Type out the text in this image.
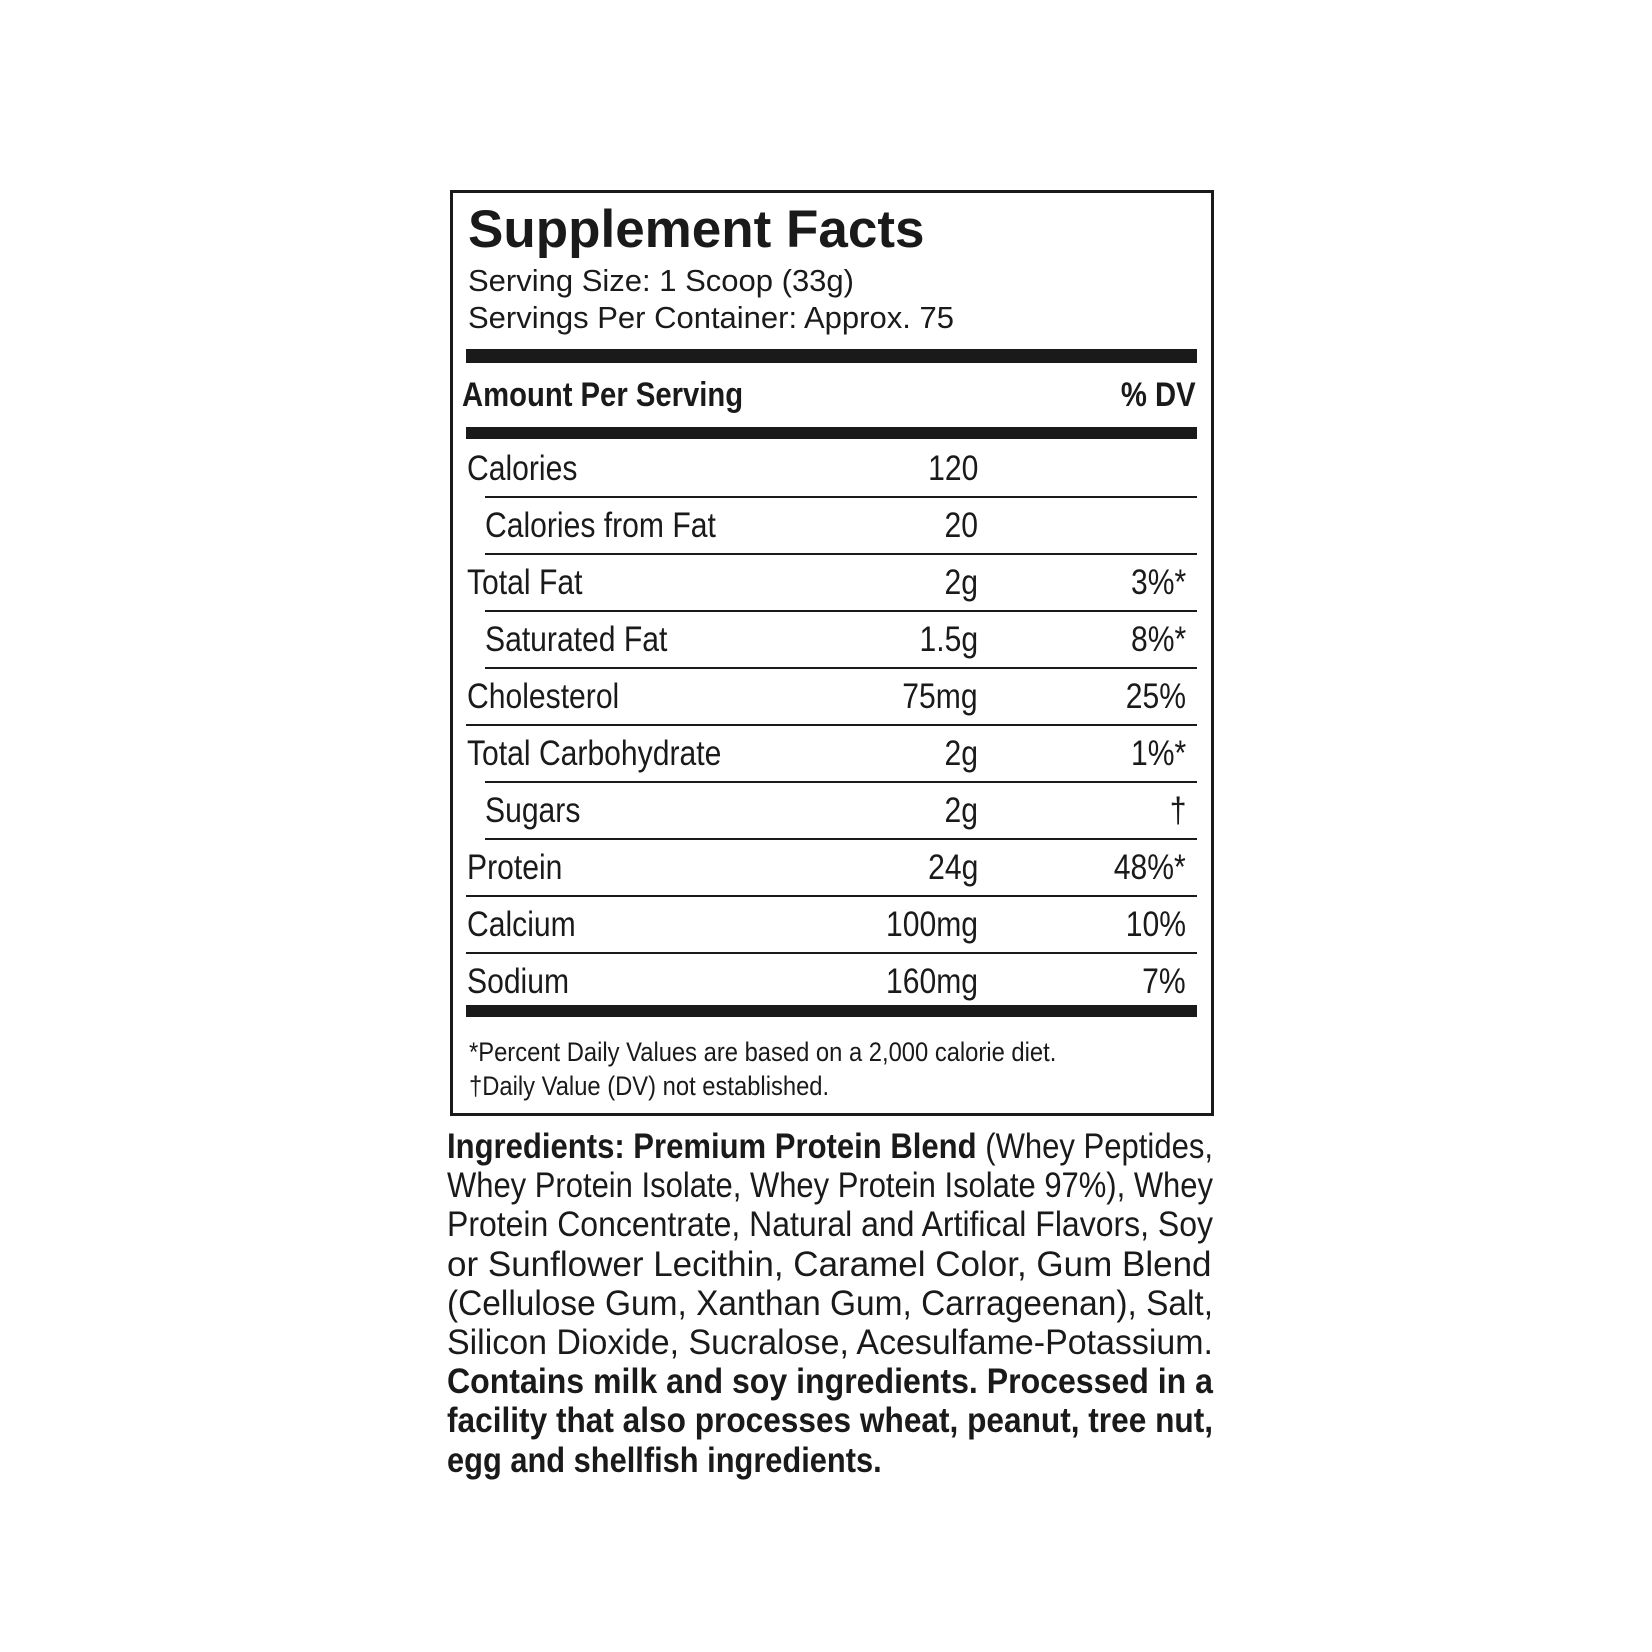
Supplement Facts
Serving Size: 1 Scoop (33g)
Servings Per Container: Approx. 75
Amount Per Serving	% DV
Calories	120
Calories from Fat	20
Total Fat	2g	3%*
Saturated Fat	1.5g	8%*
Cholesterol	75mg	25%
Total Carbohydrate	2g	1%*
Sugars	2g	†
Protein	24g	48%*
Calcium	100mg	10%
Sodium	160mg	7%
*Percent Daily Values are based on a 2,000 calorie diet.
†Daily Value (DV) not established.
Ingredients: Premium Protein Blend (Whey Peptides,
Whey Protein Isolate, Whey Protein Isolate 97%), Whey
Protein Concentrate, Natural and Artifical Flavors, Soy
or Sunflower Lecithin, Caramel Color, Gum Blend
(Cellulose Gum, Xanthan Gum, Carrageenan), Salt,
Silicon Dioxide, Sucralose, Acesulfame-Potassium.
Contains milk and soy ingredients. Processed in a
facility that also processes wheat, peanut, tree nut,
egg and shellfish ingredients.
